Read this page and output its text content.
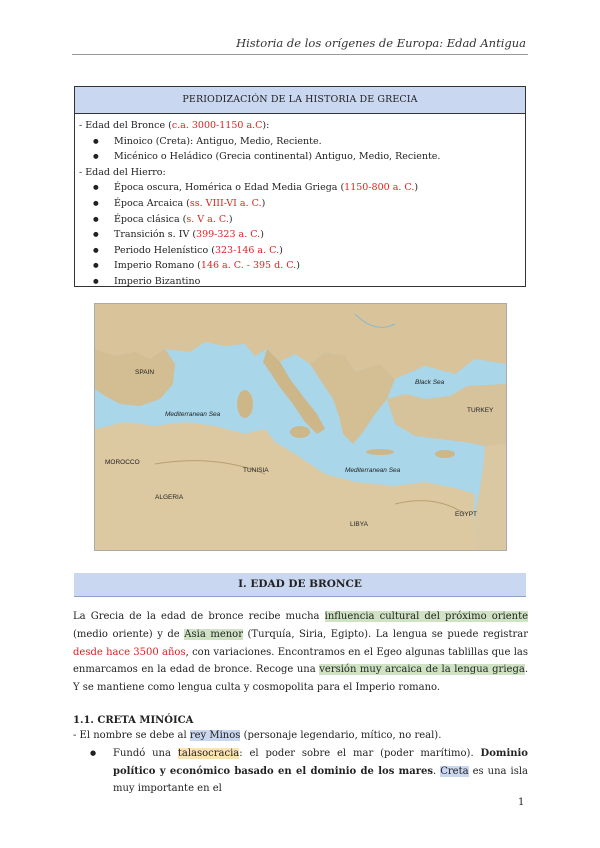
Historia de los orígenes de Europa: Edad Antigua
PERIODIZACIÓN DE LA HISTORIA DE GRECIA
- Edad del Bronce (c.a. 3000-1150 a.C):
● Minoico (Creta): Antiguo, Medio, Reciente.
● Micénico o Heládico (Grecia continental) Antiguo, Medio, Reciente.
- Edad del Hierro:
● Época oscura, Homérica o Edad Media Griega (1150-800 a. C.)
● Época Arcaica (ss. VIII-VI a. C.)
● Época clásica (s. V a. C.)
● Transición s. IV (399-323 a. C.)
● Periodo Helenístico (323-146 a. C.)
● Imperio Romano (146 a. C. - 395 d. C.)
● Imperio Bizantino
SPAIN
Mediterranean Sea
Mediterranean Sea
MOROCCO
ALGERIA
TUNISIA
LIBYA
EGYPT
TURKEY
Black Sea
I. EDAD DE BRONCE
La Grecia de la edad de bronce recibe mucha influencia cultural del próximo oriente (medio oriente) y de Asia menor (Turquía, Siria, Egipto). La lengua se puede registrar desde hace 3500 años, con variaciones. Encontramos en el Egeo alguna​s tablillas que las enmarcamos en la edad de bronce. Recoge una versión muy arcaica de la lengua griega. Y se mantiene como lengua culta y cosmopolita para el Imperio romano.
1.1. CRETA MINÓICA
- El nombre se debe al rey Minos (personaje legendario, mítico, no real).
●	Fundó una talasocracia: el poder sobre el mar (poder marítimo). Dominio político y económico basado en el dominio de los mares. Creta es una isla muy importante en el
1
